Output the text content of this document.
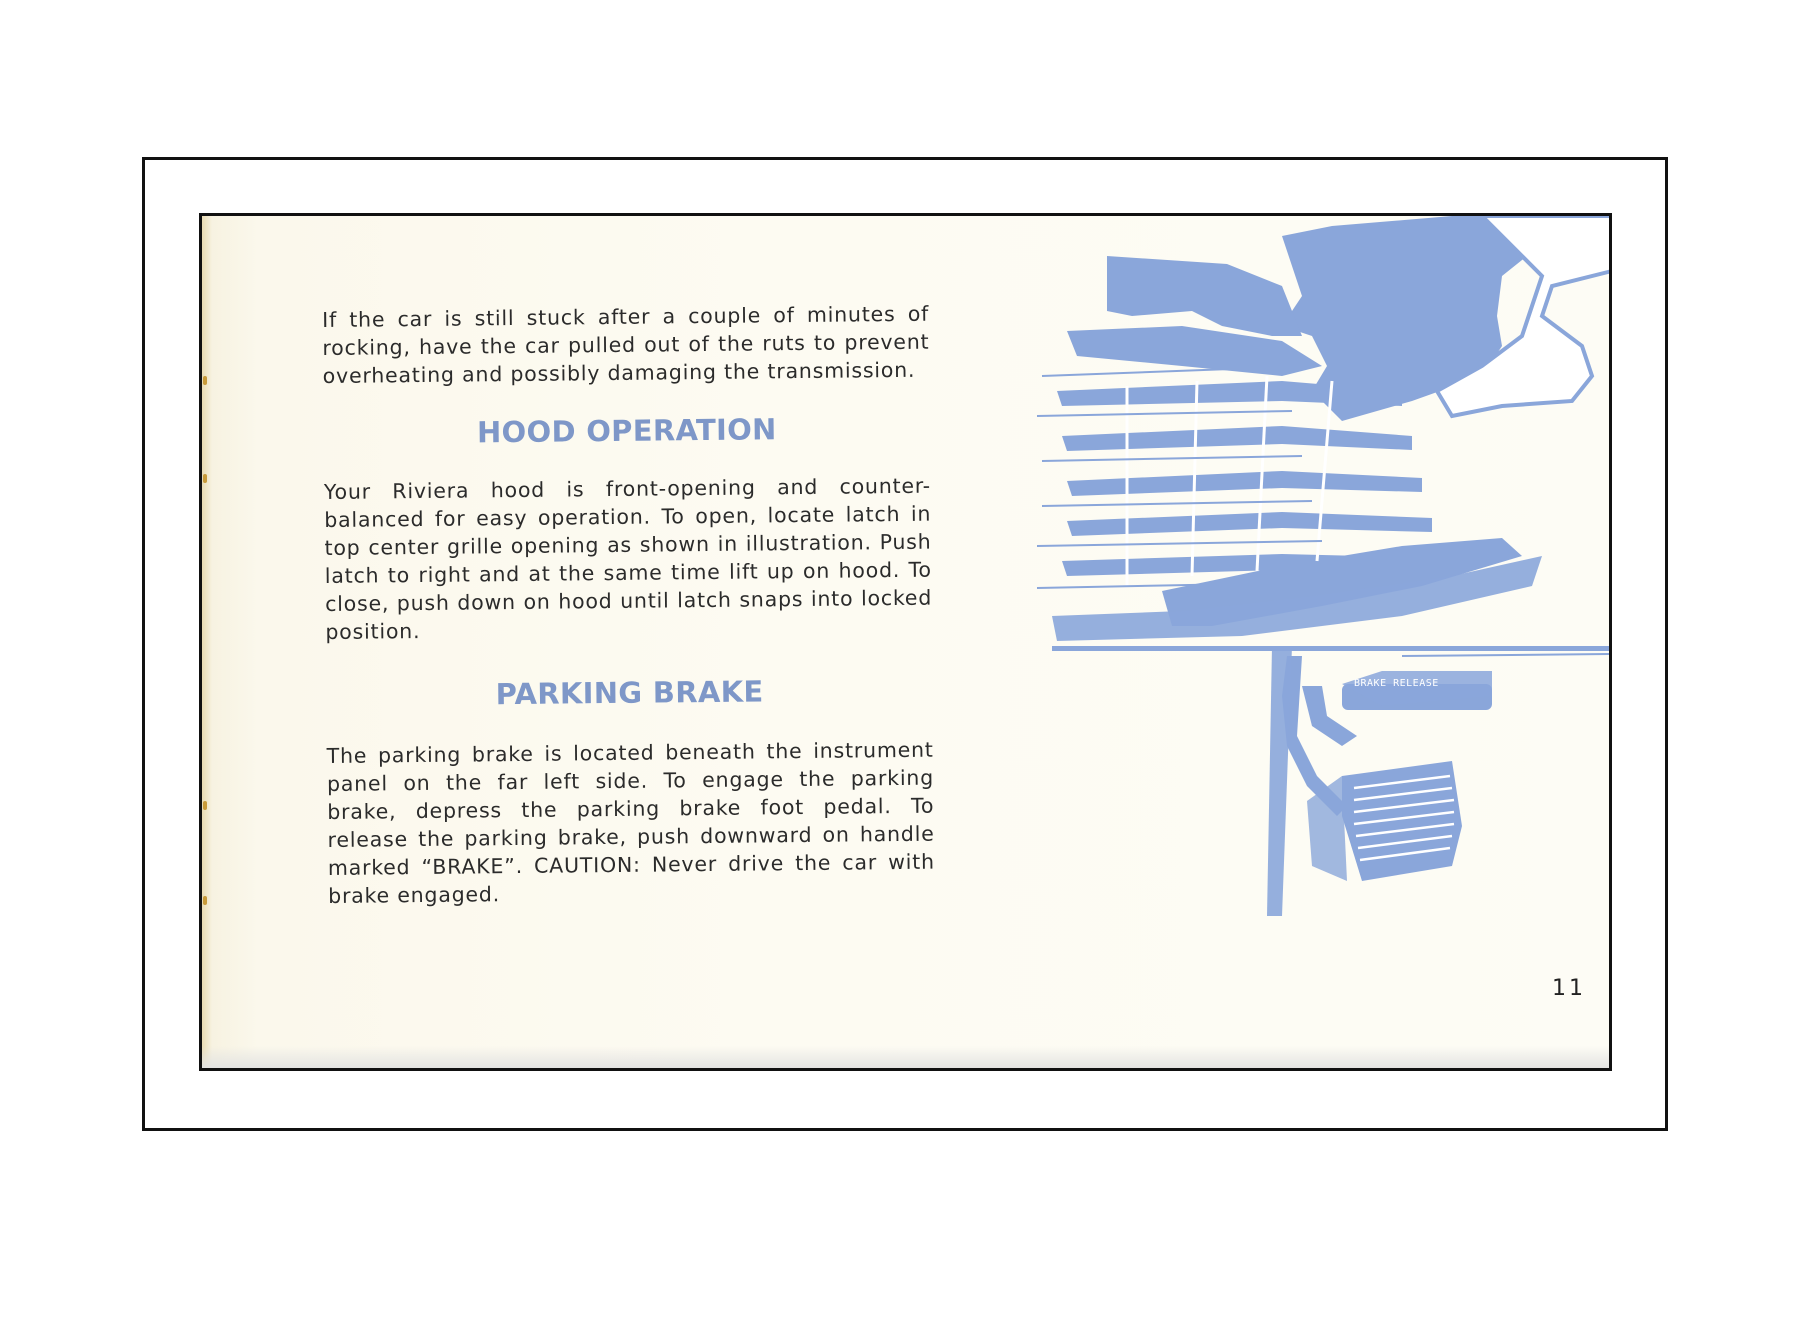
If the car is still stuck after a couple of minutes of rocking, have the car pulled out of the ruts to prevent overheating and possibly damaging the transmission.

HOOD OPERATION

Your Riviera hood is front-opening and counter-balanced for easy operation. To open, locate latch in top center grille opening as shown in illustration. Push latch to right and at the same time lift up on hood. To close, push down on hood until latch snaps into locked position.

PARKING BRAKE

The parking brake is located beneath the instrument panel on the far left side. To engage the parking brake, depress the parking brake foot pedal. To release the parking brake, push downward on handle marked “BRAKE”. CAUTION: Never drive the car with brake engaged.

BRAKE RELEASE
11
